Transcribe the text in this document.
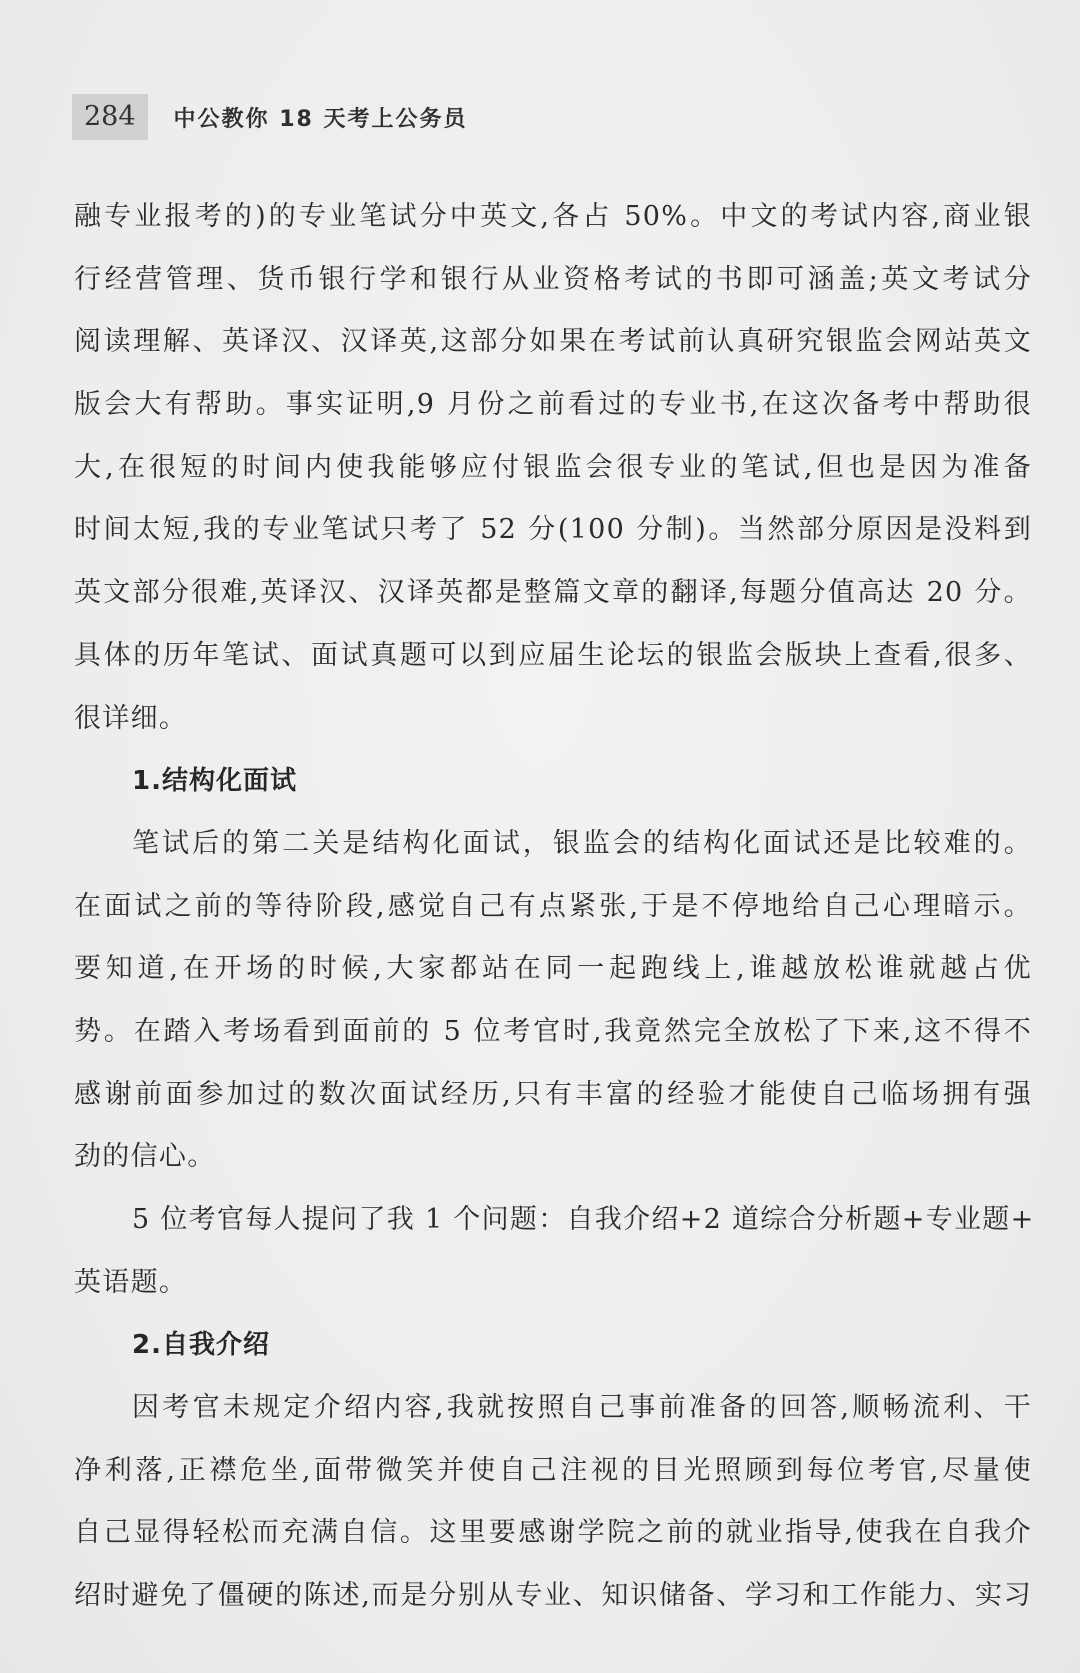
284	中公教你 18 天考上公务员
融专业报考的)的专业笔试分中英文,各占 50%。中文的考试内容,商业银
行经营管理、货币银行学和银行从业资格考试的书即可涵盖;英文考试分
阅读理解、英译汉、汉译英,这部分如果在考试前认真研究银监会网站英文
版会大有帮助。事实证明,9 月份之前看过的专业书,在这次备考中帮助很
大,在很短的时间内使我能够应付银监会很专业的笔试,但也是因为准备
时间太短,我的专业笔试只考了 52 分(100 分制)。当然部分原因是没料到
英文部分很难,英译汉、汉译英都是整篇文章的翻译,每题分值高达 20 分。
具体的历年笔试、面试真题可以到应届生论坛的银监会版块上查看,很多、
很详细。
1.结构化面试
笔试后的第二关是结构化面试，银监会的结构化面试还是比较难的。
在面试之前的等待阶段,感觉自己有点紧张,于是不停地给自己心理暗示。
要知道,在开场的时候,大家都站在同一起跑线上,谁越放松谁就越占优
势。在踏入考场看到面前的 5 位考官时,我竟然完全放松了下来,这不得不
感谢前面参加过的数次面试经历,只有丰富的经验才能使自己临场拥有强
劲的信心。
5 位考官每人提问了我 1 个问题：自我介绍+2 道综合分析题+专业题+
英语题。
2.自我介绍
因考官未规定介绍内容,我就按照自己事前准备的回答,顺畅流利、干
净利落,正襟危坐,面带微笑并使自己注视的目光照顾到每位考官,尽量使
自己显得轻松而充满自信。这里要感谢学院之前的就业指导,使我在自我介
绍时避免了僵硬的陈述,而是分别从专业、知识储备、学习和工作能力、实习
